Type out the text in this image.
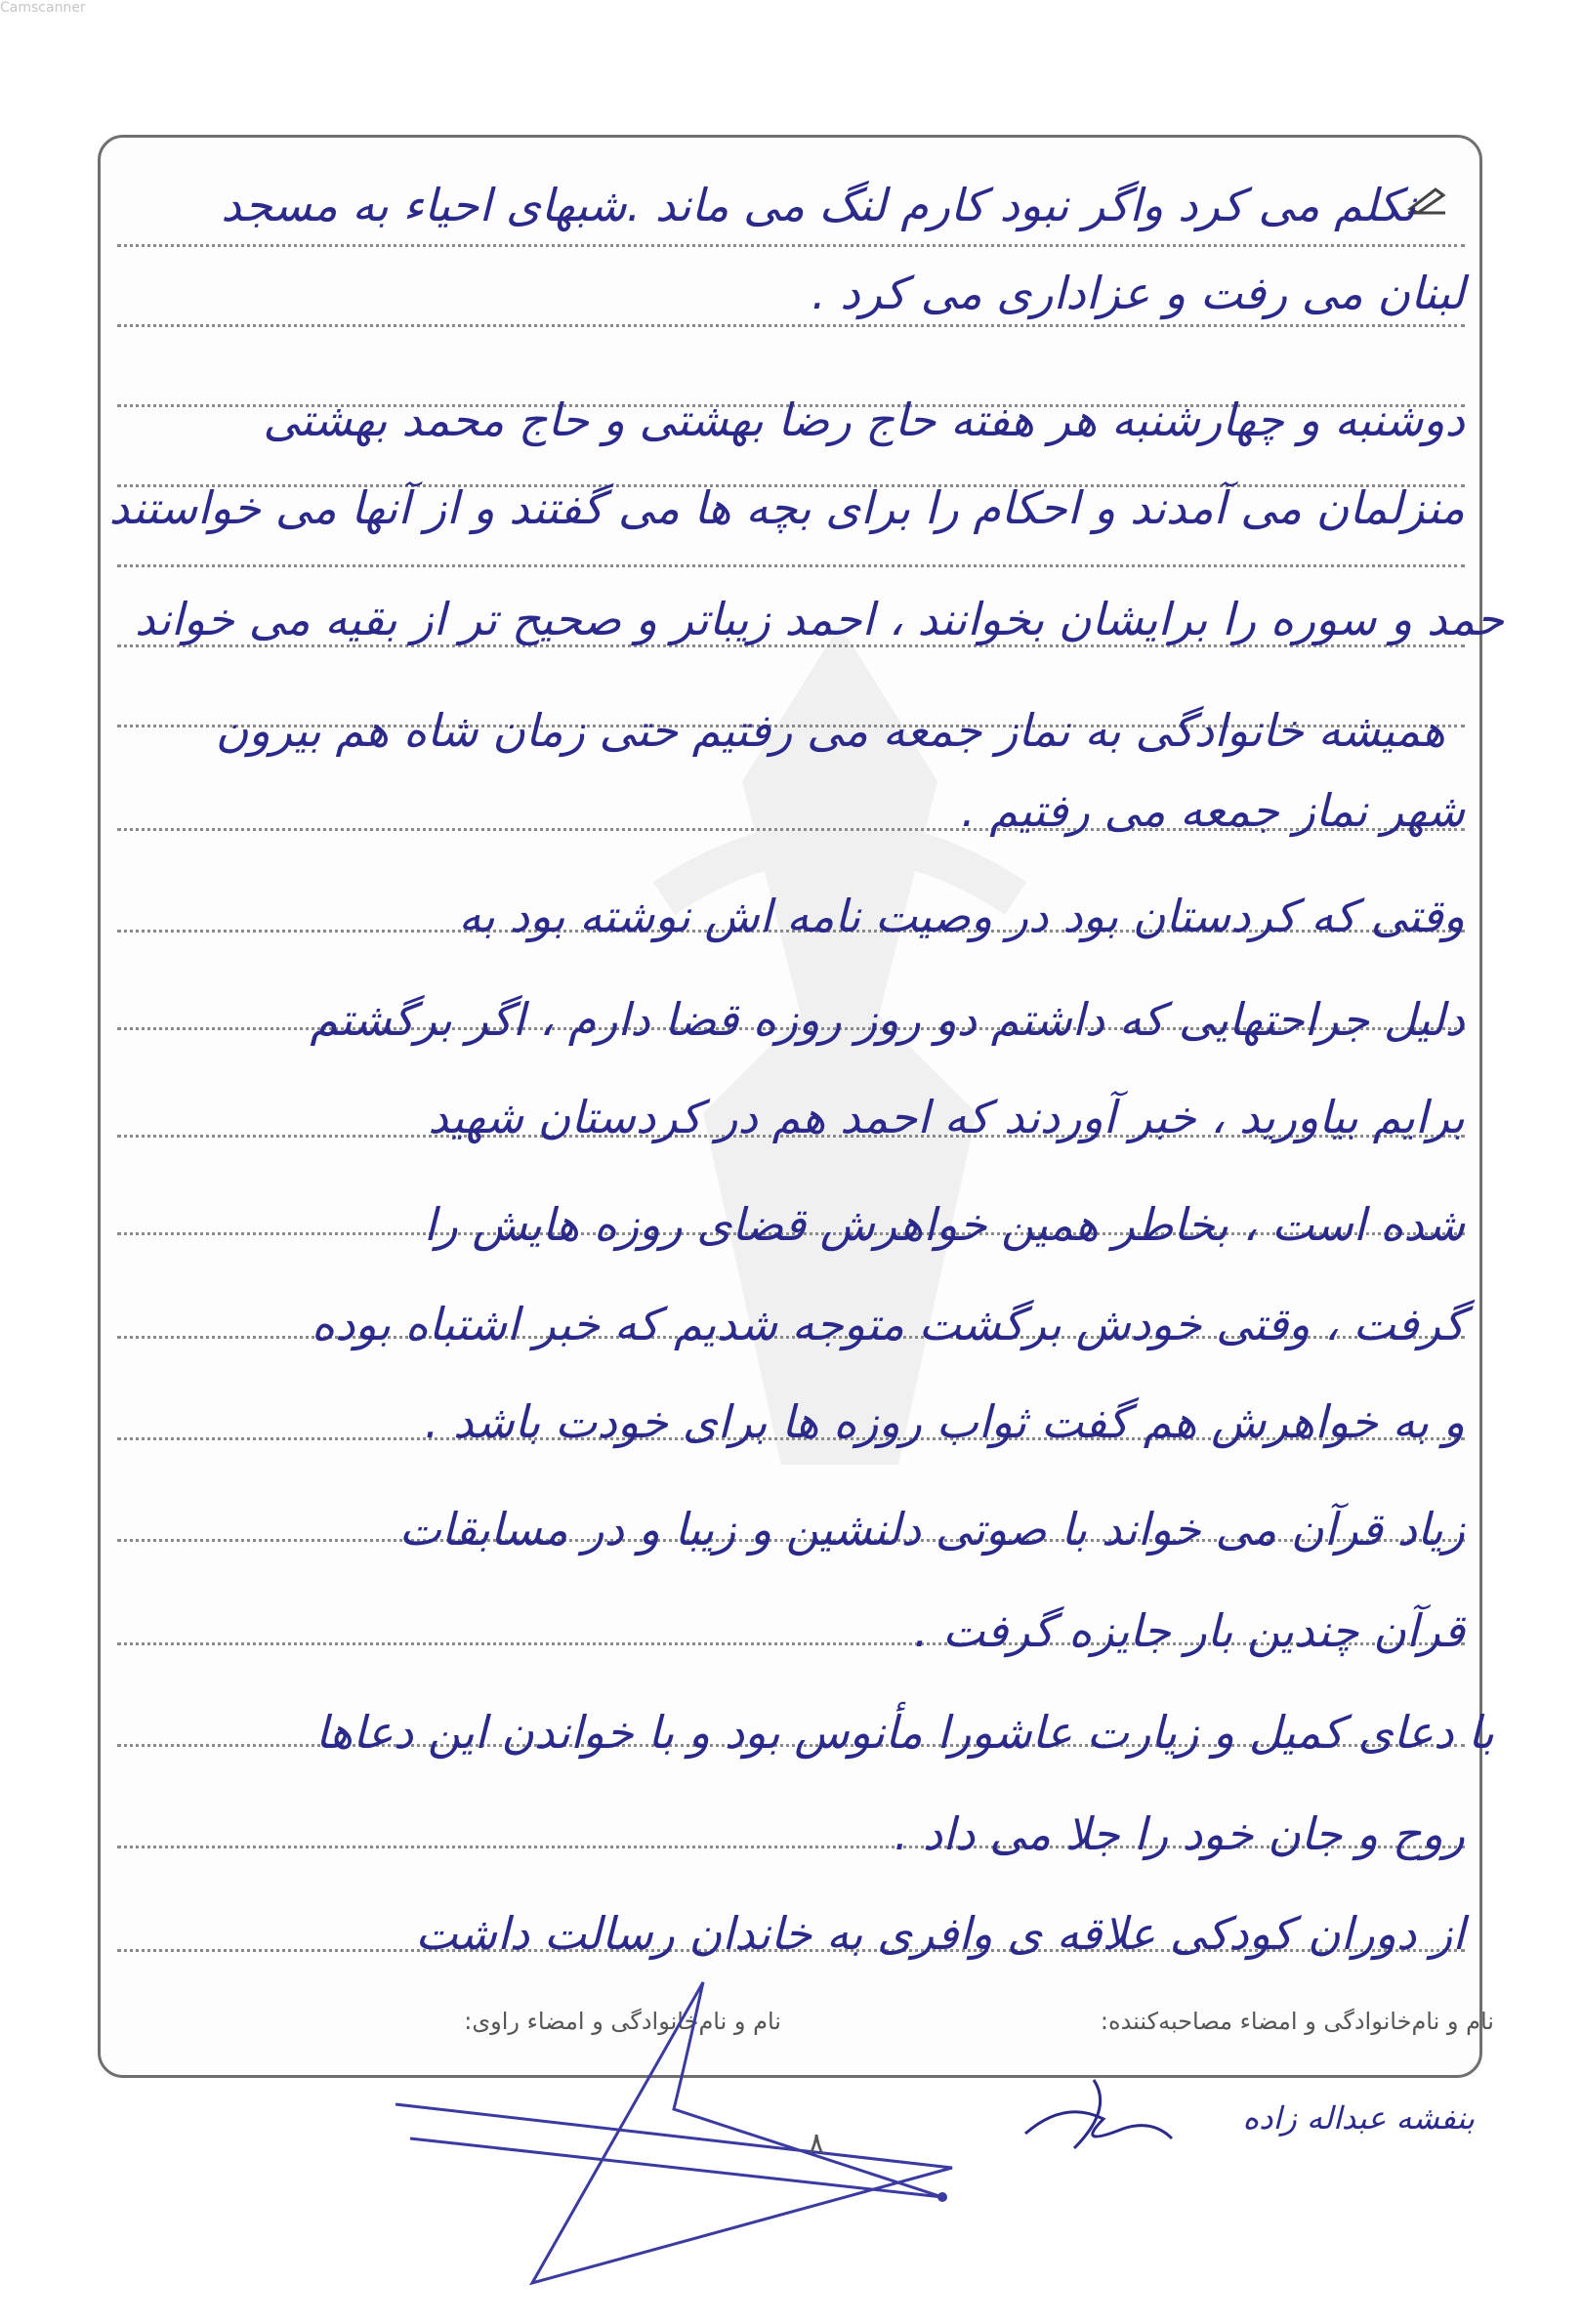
Camscanner
نکلم می کرد واگر نبود کارم لنگ می ماند .شبهای احیاء به مسجد
لبنان می رفت و عزاداری می کرد .
دوشنبه و چهارشنبه هر هفته حاج رضا بهشتی و حاج محمد بهشتی
منزلمان می آمدند و احکام را برای بچه ها می گفتند و از آنها می خواستند
حمد و سوره را برایشان بخوانند ، احمد زیباتر و صحیح تر از بقیه می خواند
همیشه خانوادگی به نماز جمعه می رفتیم حتی زمان شاه هم بیرون
شهر نماز جمعه می رفتیم .
وقتی که کردستان بود در وصیت نامه اش نوشته بود به
دلیل جراحتهایی که داشتم دو روز روزه قضا دارم ، اگر برگشتم
برایم بیاورید ، خبر آوردند که احمد هم در کردستان شهید
شده است ، بخاطر همین خواهرش قضای روزه هایش را
گرفت ، وقتی خودش برگشت متوجه شدیم که خبر اشتباه بوده
و به خواهرش هم گفت ثواب روزه ها برای خودت باشد .
زیاد قرآن می خواند با صوتی دلنشین و زیبا و در مسابقات
قرآن چندین بار جایزه گرفت .
با دعای کمیل و زیارت عاشورا مأنوس بود و با خواندن این دعاها
روح و جان خود را جلا می داد .
از دوران کودکی علاقه ی وافری به خاندان رسالت داشت
نام و نام‌خانوادگی و امضاء مصاحبه‌کننده:
نام و نام‌خانوادگی و امضاء راوی:
بنفشه عبداله زاده
۸
